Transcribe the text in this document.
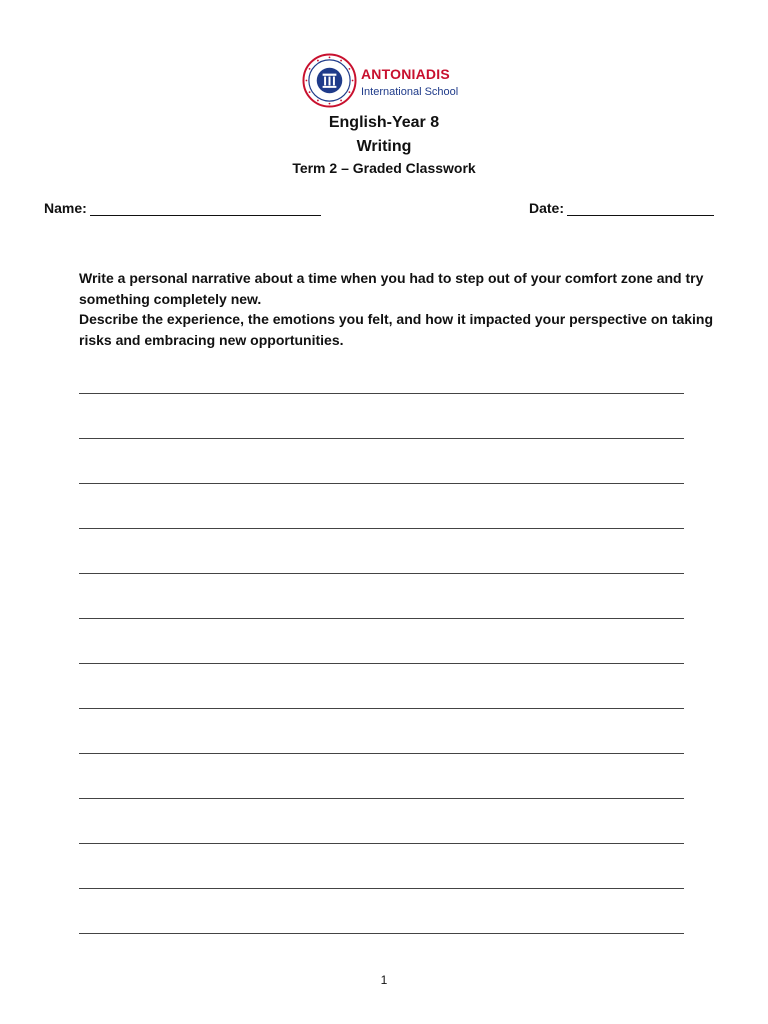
ANTONIADIS
International School
English-Year 8
Writing
Term 2 – Graded Classwork
Name:	Date:

Write a personal narrative about a time when you had to step out of your comfort zone and try something completely new.

Describe the experience, the emotions you felt, and how it impacted your perspective on taking risks and embracing new opportunities.

1
